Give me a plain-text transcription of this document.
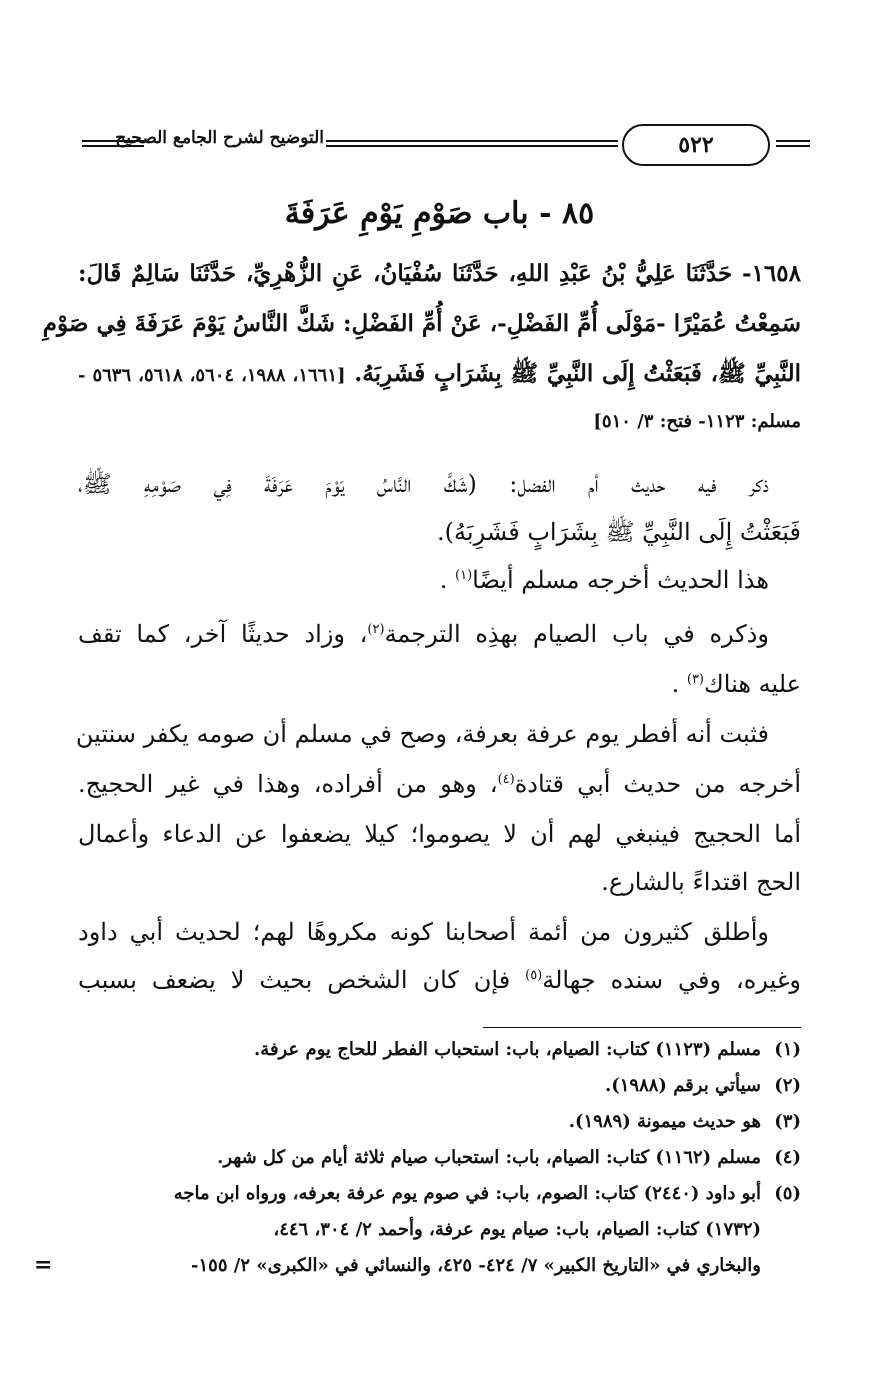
٥٢٢
التوضيح لشرح الجامع الصحيح
٨٥ - باب صَوْمِ يَوْمِ عَرَفَةَ

١٦٥٨- حَدَّثَنَا عَلِيُّ بْنُ عَبْدِ اللهِ، حَدَّثَنَا سُفْيَانُ، عَنِ الزُّهْرِيِّ، حَدَّثَنَا سَالِمٌ قَالَ:

سَمِعْتُ عُمَيْرًا -مَوْلَى أُمِّ الفَضْلِ-، عَنْ أُمِّ الفَضْلِ: شَكَّ النَّاسُ يَوْمَ عَرَفَةَ فِي صَوْمِ

النَّبِيِّ ﷺ، فَبَعَثْتُ إِلَى النَّبِيِّ ﷺ بِشَرَابٍ فَشَرِبَهُ. [١٦٦١، ١٩٨٨، ٥٦٠٤، ٥٦١٨، ٥٦٣٦ -

مسلم: ١١٢٣- فتح: ٣/ ٥١٠]

ذكر فيه حديث أم الفضل: (شَكَّ النَّاسُ يَوْمَ عَرَفَةَ فِي صَوْمِهِ ﷺ،

فَبَعَثْتُ إِلَى النَّبِيِّ ﷺ بِشَرَابٍ فَشَرِبَهُ).

هذا الحديث أخرجه مسلم أيضًا$^{(١)}$ .

وذكره في باب الصيام بهذِه الترجمة$^{(٢)}$، وزاد حديثًا آخر، كما تقف

عليه هناك$^{(٣)}$ .

فثبت أنه أفطر يوم عرفة بعرفة، وصح في مسلم أن صومه يكفر سنتين

أخرجه من حديث أبي قتادة$^{(٤)}$، وهو من أفراده، وهذا في غير الحجيج.

أما الحجيج فينبغي لهم أن لا يصوموا؛ كيلا يضعفوا عن الدعاء وأعمال

الحج اقتداءً بالشارع.

وأطلق كثيرون من أئمة أصحابنا كونه مكروهًا لهم؛ لحديث أبي داود

وغيره، وفي سنده جهالة$^{(٥)}$ فإن كان الشخص بحيث لا يضعف بسبب

(١)مسلم (١١٢٣) كتاب: الصيام، باب: استحباب الفطر للحاج يوم عرفة.

(٢)سيأتي برقم (١٩٨٨).

(٣)هو حديث ميمونة (١٩٨٩).

(٤)مسلم (١١٦٢) كتاب: الصيام، باب: استحباب صيام ثلاثة أيام من كل شهر.

(٥)أبو داود (٢٤٤٠) كتاب: الصوم، باب: في صوم يوم عرفة بعرفه، ورواه ابن ماجه

(١٧٣٢) كتاب: الصيام، باب: صيام يوم عرفة، وأحمد ٢/ ٣٠٤، ٤٤٦،

والبخاري في «التاريخ الكبير» ٧/ ٤٢٤- ٤٢٥، والنسائي في «الكبرى» ٢/ ١٥٥-

=
